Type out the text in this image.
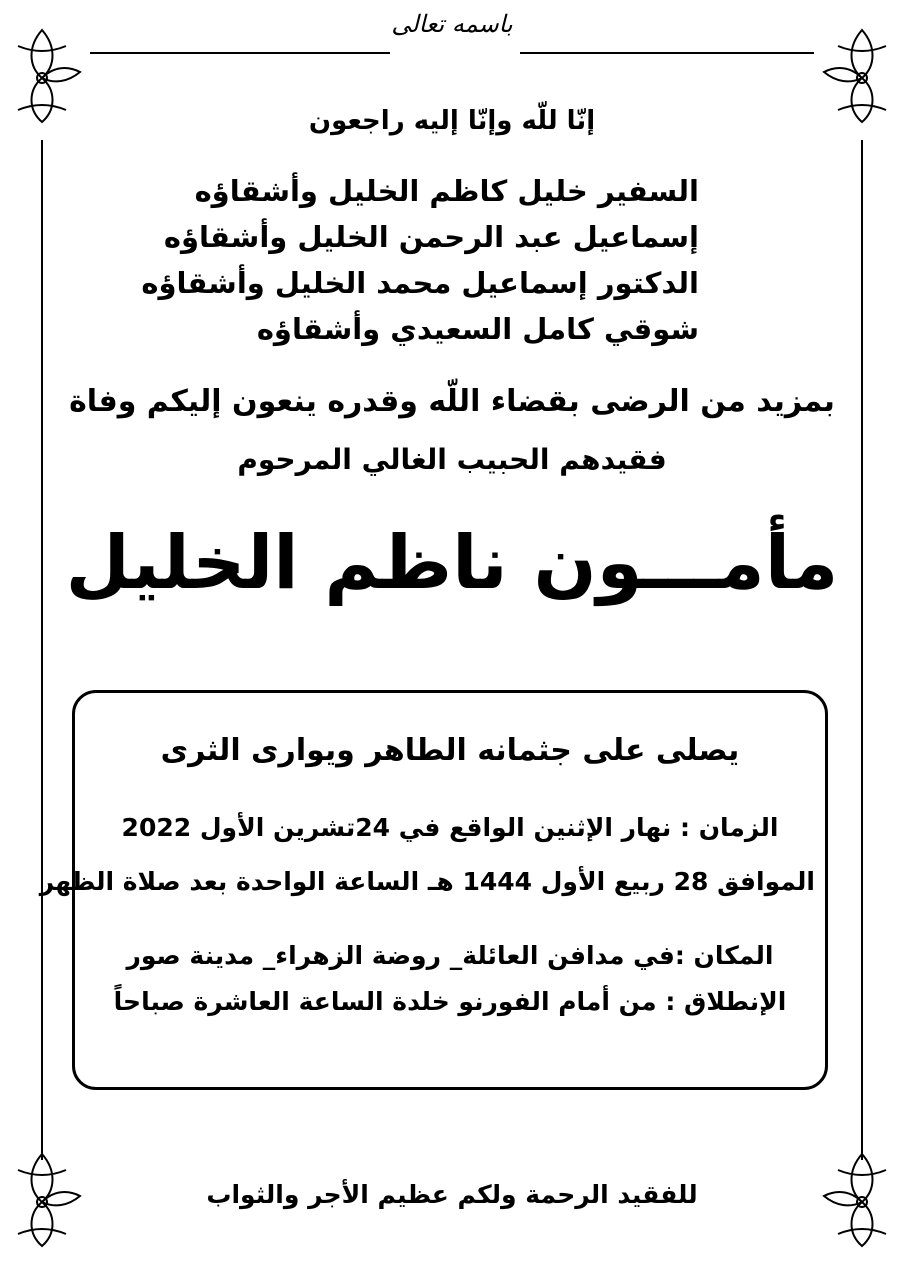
باسمه تعالى
إنّا للّه وإنّا إليه راجعون
السفير خليل كاظم الخليل وأشقاؤه
إسماعيل عبد الرحمن الخليل وأشقاؤه
الدكتور إسماعيل محمد الخليل وأشقاؤه
شوقي كامل السعيدي وأشقاؤه
بمزيد من الرضى بقضاء اللّه وقدره ينعون إليكم وفاة
فقيدهم الحبيب الغالي المرحوم
مأمـــون ناظم الخليل
يصلى على جثمانه الطاهر ويوارى الثرى
الزمان : نهار الإثنين الواقع في 24تشرين الأول 2022
الموافق 28 ربيع الأول 1444 هـ الساعة الواحدة بعد صلاة الظهر
المكان :في مدافن العائلة_ روضة الزهراء_ مدينة صور
الإنطلاق : من أمام الفورنو خلدة الساعة العاشرة صباحاً
للفقيد الرحمة ولكم عظيم الأجر والثواب
